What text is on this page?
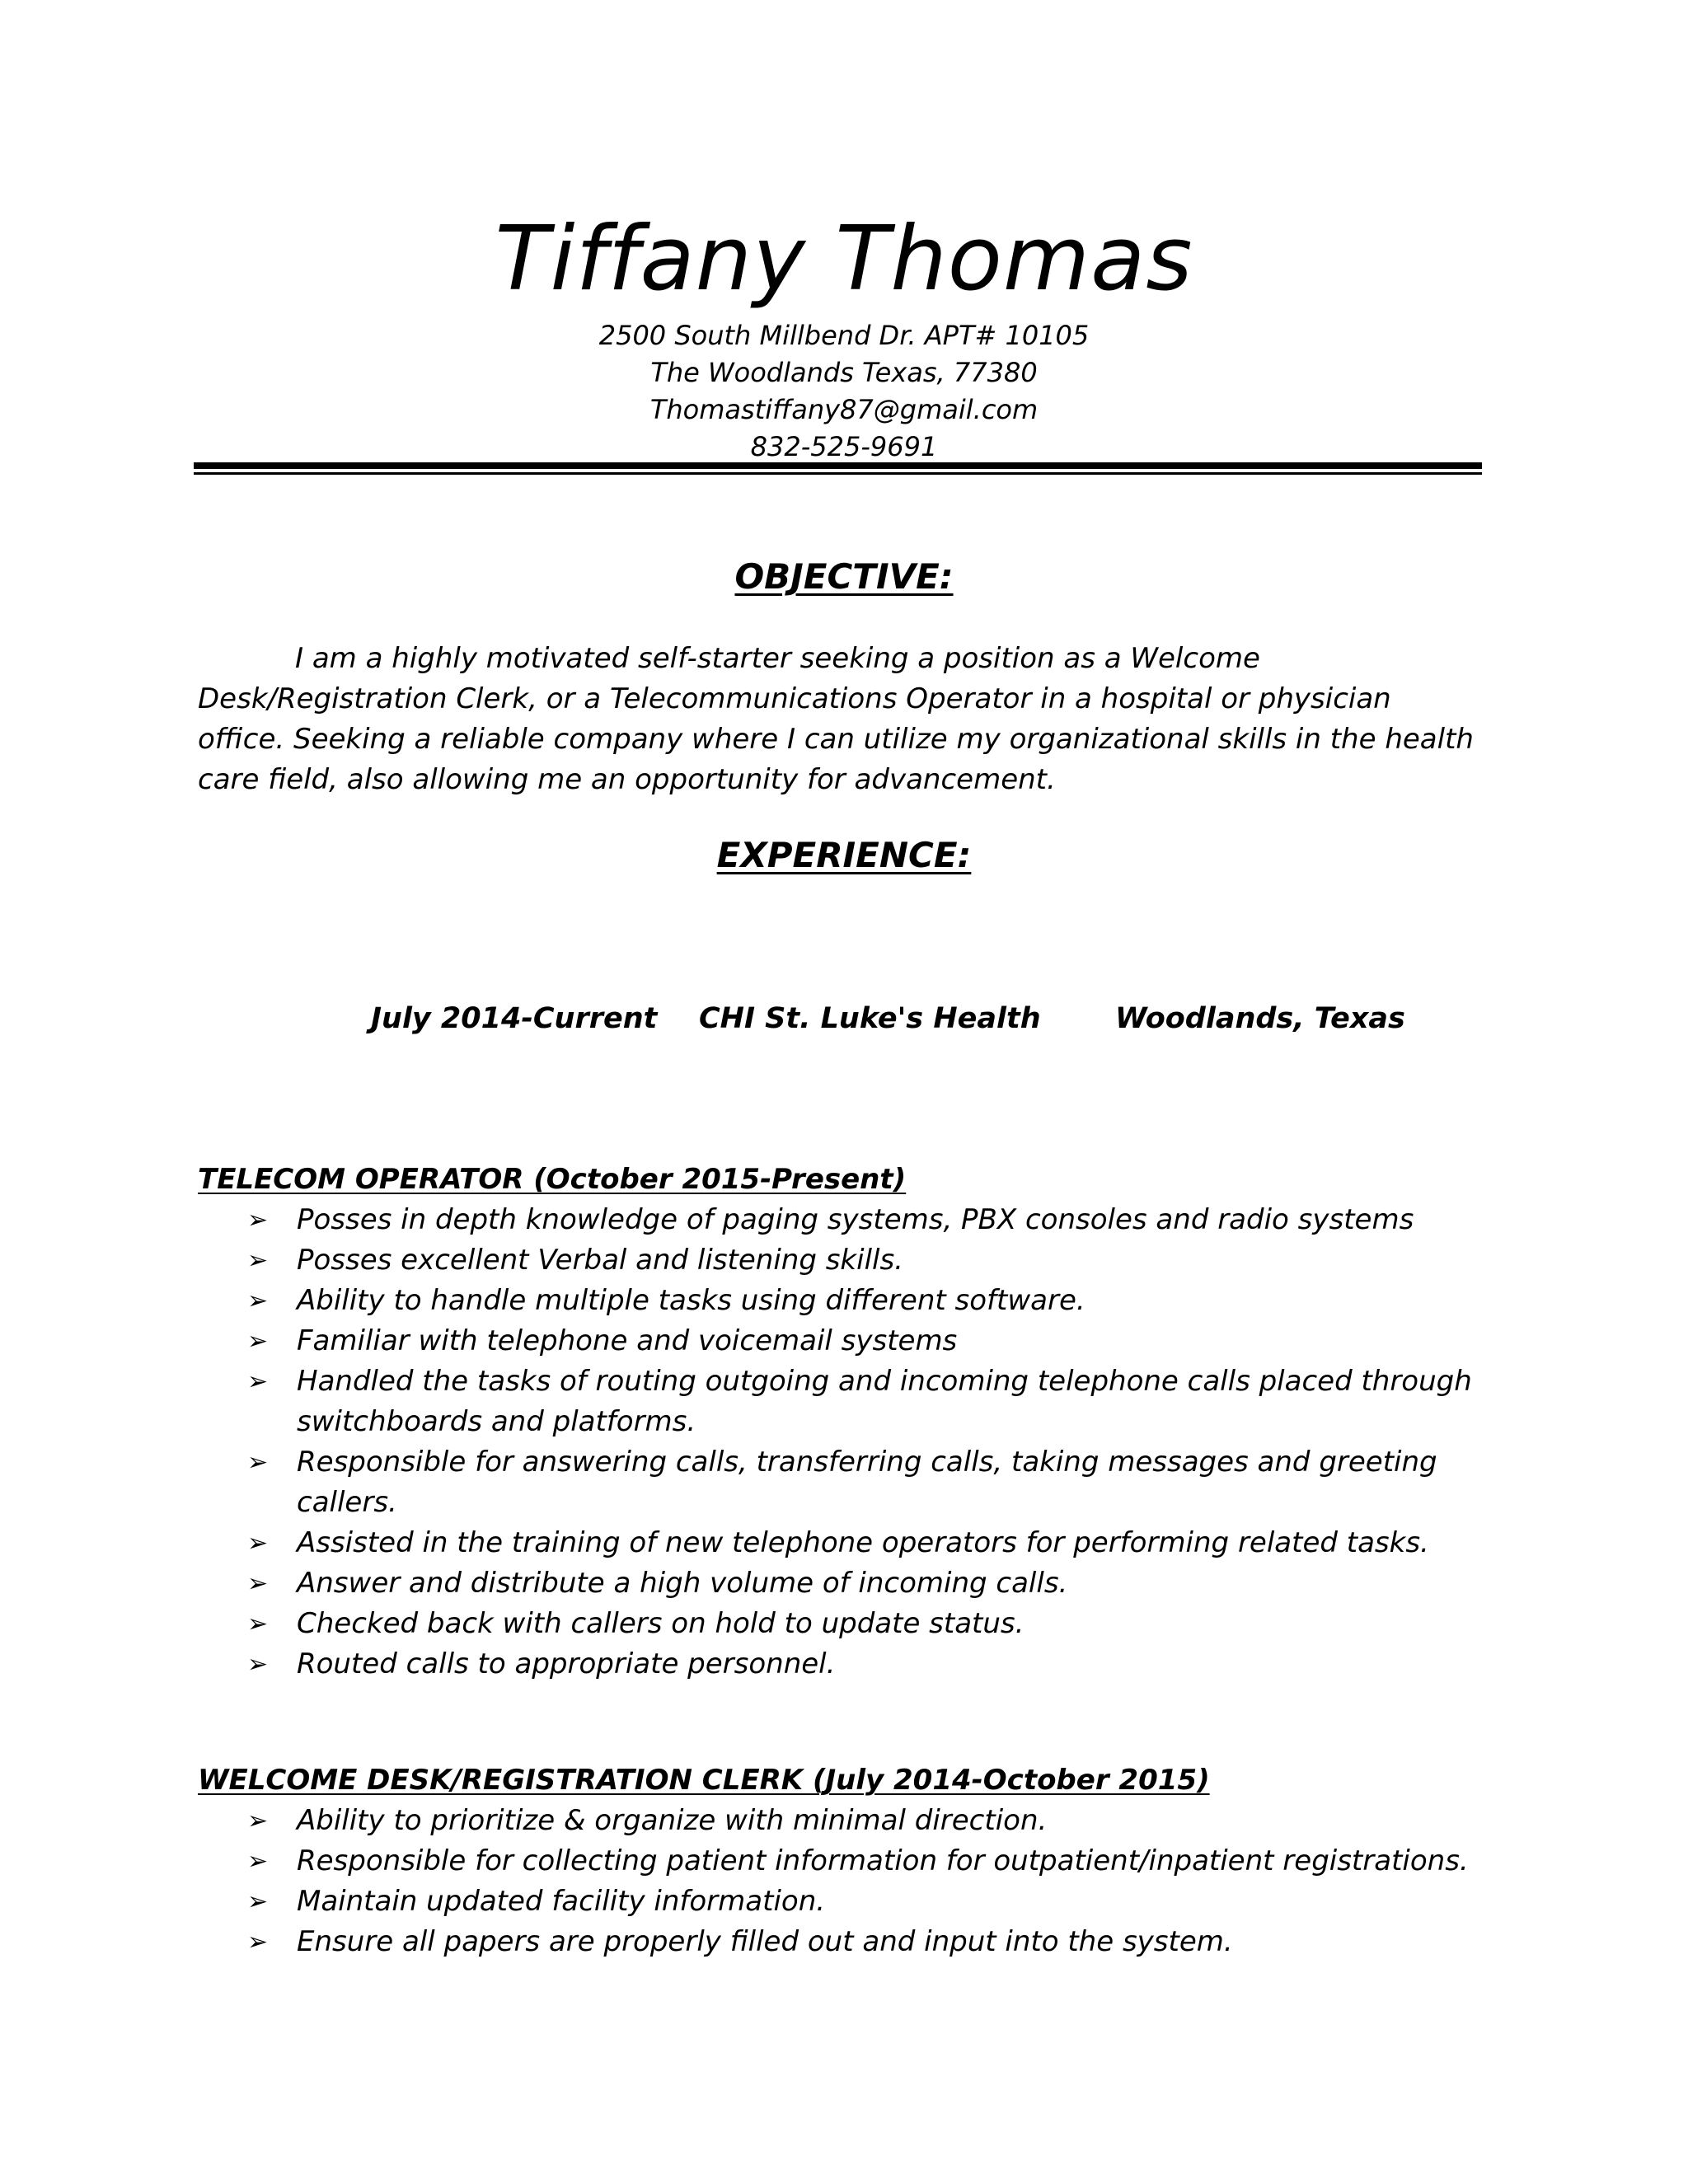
Tiffany Thomas
2500 South Millbend Dr. APT# 10105
The Woodlands Texas, 77380
Thomastiffany87@gmail.com
832-525-9691
OBJECTIVE:
I am a highly motivated self-starter seeking a position as a Welcome Desk/Registration Clerk, or a Telecommunications Operator in a hospital or physician office. Seeking a reliable company where I can utilize my organizational skills in the health care field, also allowing me an opportunity for advancement.
EXPERIENCE:
July 2014-Current CHI St. Luke's Health	Woodlands, Texas
TELECOM OPERATOR (October 2015-Present)
➢ Posses in depth knowledge of paging systems, PBX consoles and radio systems
➢ Posses excellent Verbal and listening skills.
➢ Ability to handle multiple tasks using different software.
➢ Familiar with telephone and voicemail systems
➢ Handled the tasks of routing outgoing and incoming telephone calls placed through switchboards and platforms.
➢ Responsible for answering calls, transferring calls, taking messages and greeting callers.
➢ Assisted in the training of new telephone operators for performing related tasks.
➢ Answer and distribute a high volume of incoming calls.
➢ Checked back with callers on hold to update status.
➢ Routed calls to appropriate personnel.
WELCOME DESK/REGISTRATION CLERK (July 2014-October 2015)
➢ Ability to prioritize & organize with minimal direction.
➢ Responsible for collecting patient information for outpatient/inpatient registrations.
➢ Maintain updated facility information.
➢ Ensure all papers are properly filled out and input into the system.
